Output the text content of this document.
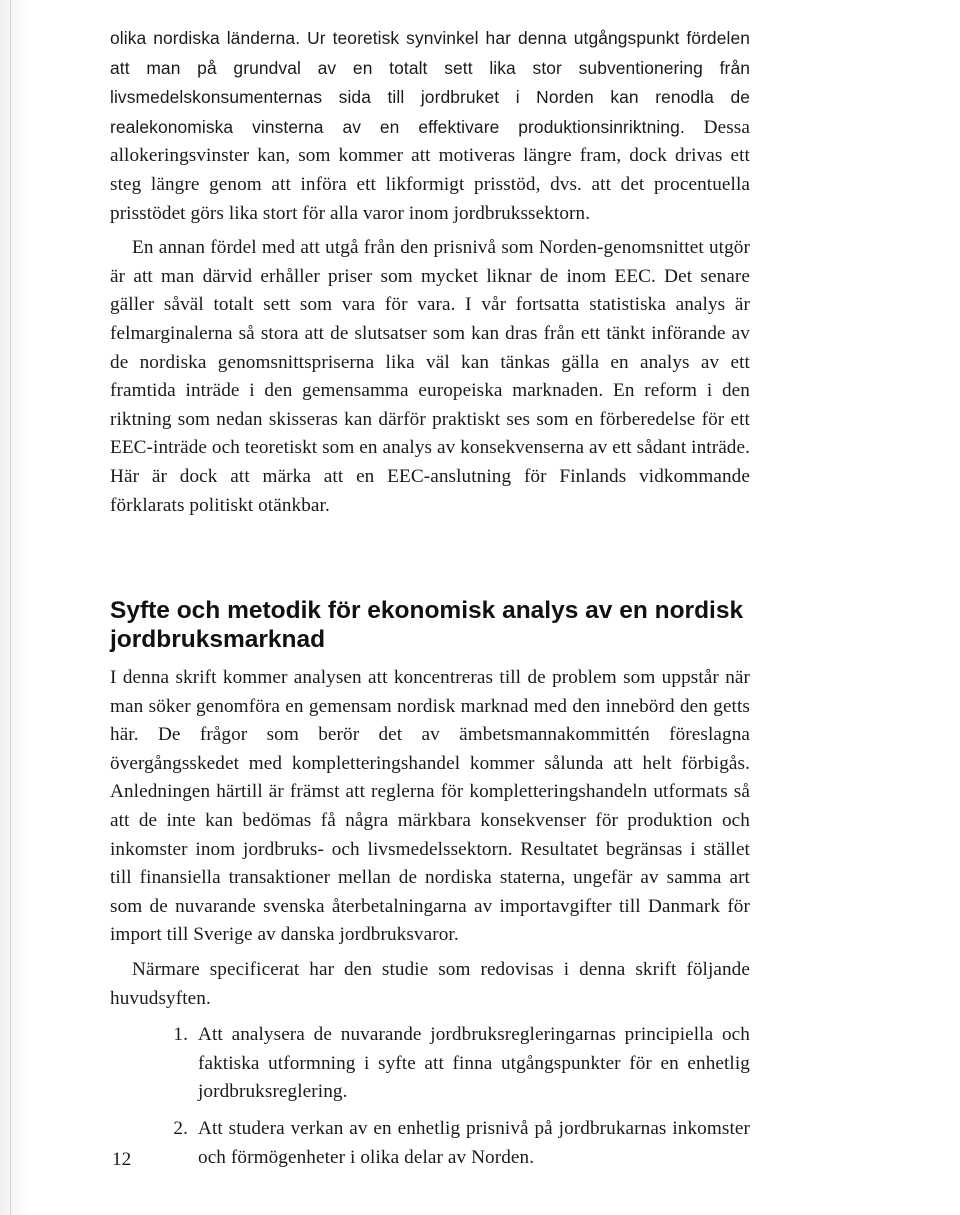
olika nordiska länderna. Ur teoretisk synvinkel har denna utgångspunkt fördelen att man på grundval av en totalt sett lika stor subventionering från livsmedelskonsumenternas sida till jordbruket i Norden kan renodla de realekonomiska vinsterna av en effektivare produktionsinriktning. Dessa allokeringsvinster kan, som kommer att motiveras längre fram, dock drivas ett steg längre genom att införa ett likformigt prisstöd, dvs. att det procentuella prisstödet görs lika stort för alla varor inom jordbrukssektorn.

En annan fördel med att utgå från den prisnivå som Norden-genomsnittet utgör är att man därvid erhåller priser som mycket liknar de inom EEC. Det senare gäller såväl totalt sett som vara för vara. I vår fortsatta statistiska analys är felmarginalerna så stora att de slutsatser som kan dras från ett tänkt införande av de nordiska genomsnittspriserna lika väl kan tänkas gälla en analys av ett framtida inträde i den gemensamma europeiska marknaden. En reform i den riktning som nedan skisseras kan därför praktiskt ses som en förberedelse för ett EEC-inträde och teoretiskt som en analys av konsekvenserna av ett sådant inträde. Här är dock att märka att en EEC-anslutning för Finlands vidkommande förklarats politiskt otänkbar.

Syfte och metodik för ekonomisk analys av en nordisk jordbruksmarknad

I denna skrift kommer analysen att koncentreras till de problem som uppstår när man söker genomföra en gemensam nordisk marknad med den innebörd den getts här. De frågor som berör det av ämbetsmannakommittén föreslagna övergångsskedet med kompletteringshandel kommer sålunda att helt förbigås. Anledningen härtill är främst att reglerna för kompletteringshandeln utformats så att de inte kan bedömas få några märkbara konsekvenser för produktion och inkomster inom jordbruks- och livsmedelssektorn. Resultatet begränsas i stället till finansiella transaktioner mellan de nordiska staterna, ungefär av samma art som de nuvarande svenska återbetalningarna av importavgifter till Danmark för import till Sverige av danska jordbruksvaror.

Närmare specificerat har den studie som redovisas i denna skrift följande huvudsyften.

1. Att analysera de nuvarande jordbruksregleringarnas principiella och faktiska utformning i syfte att finna utgångspunkter för en enhetlig jordbruksreglering.
2. Att studera verkan av en enhetlig prisnivå på jordbrukarnas inkomster och förmögenheter i olika delar av Norden.
12
